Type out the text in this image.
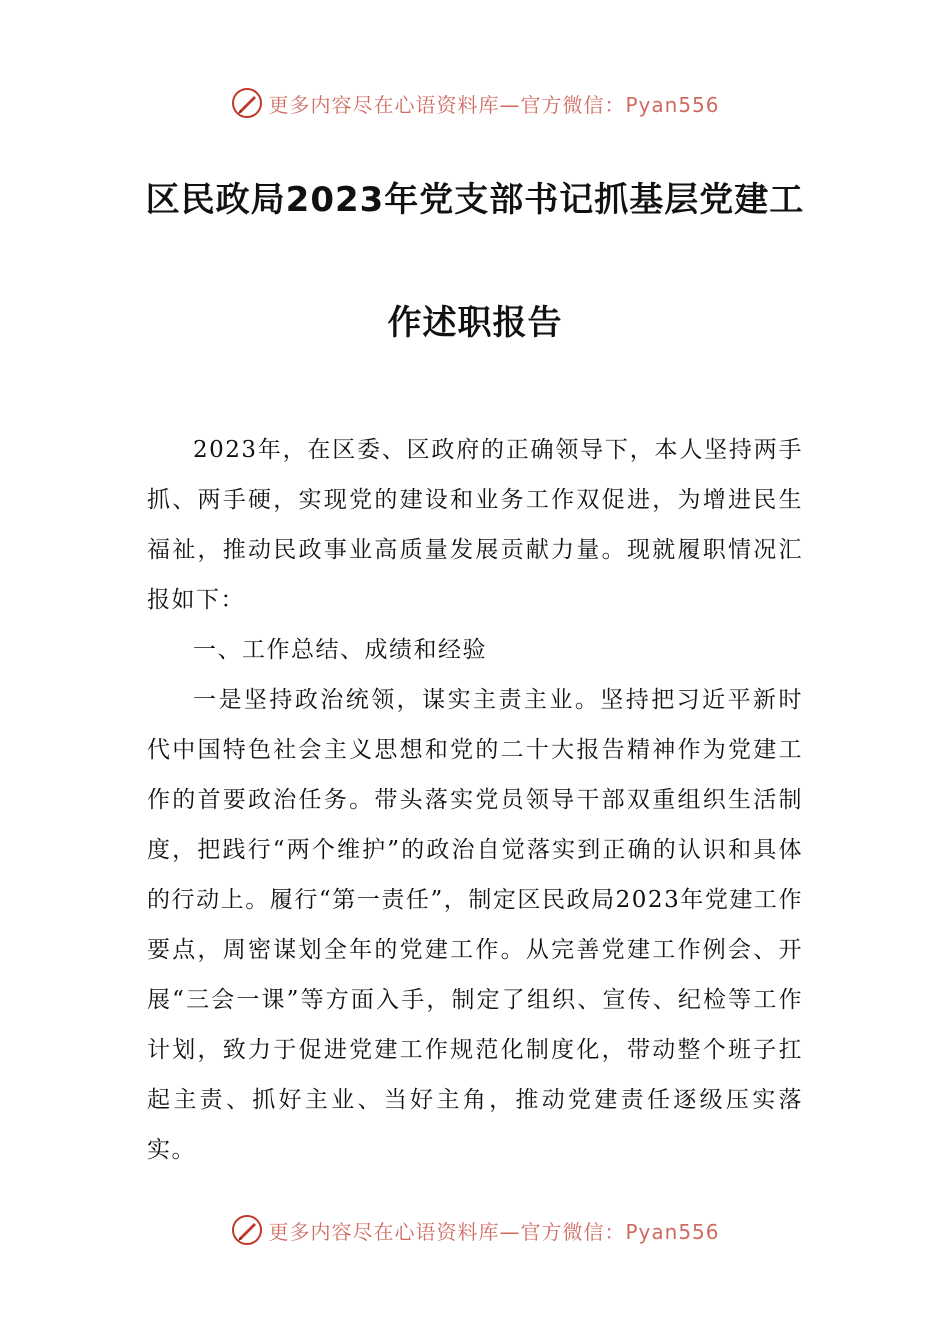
更多内容尽在心语资料库—官方微信：Pyan556
区民政局2023年党支部书记抓基层党建工
作述职报告

2023年，在区委、区政府的正确领导下，本人坚持两手抓、两手硬，实现党的建设和业务工作双促进，为增进民生福祉，推动民政事业高质量发展贡献力量。现就履职情况汇报如下：

一、工作总结、成绩和经验

一是坚持政治统领，谋实主责主业。坚持把习近平新时代中国特色社会主义思想和党的二十大报告精神作为党建工作的首要政治任务。带头落实党员领导干部双重组织生活制度，把践行“两个维护”的政治自觉落实到正确的认识和具体的行动上。履行“第一责任”，制定区民政局2023年党建工作要点，周密谋划全年的党建工作。从完善党建工作例会、开展“三会一课”等方面入手，制定了组织、宣传、纪检等工作计划，致力于促进党建工作规范化制度化，带动整个班子扛起主责、抓好主业、当好主角，推动党建责任逐级压实落实。

更多内容尽在心语资料库—官方微信：Pyan556
